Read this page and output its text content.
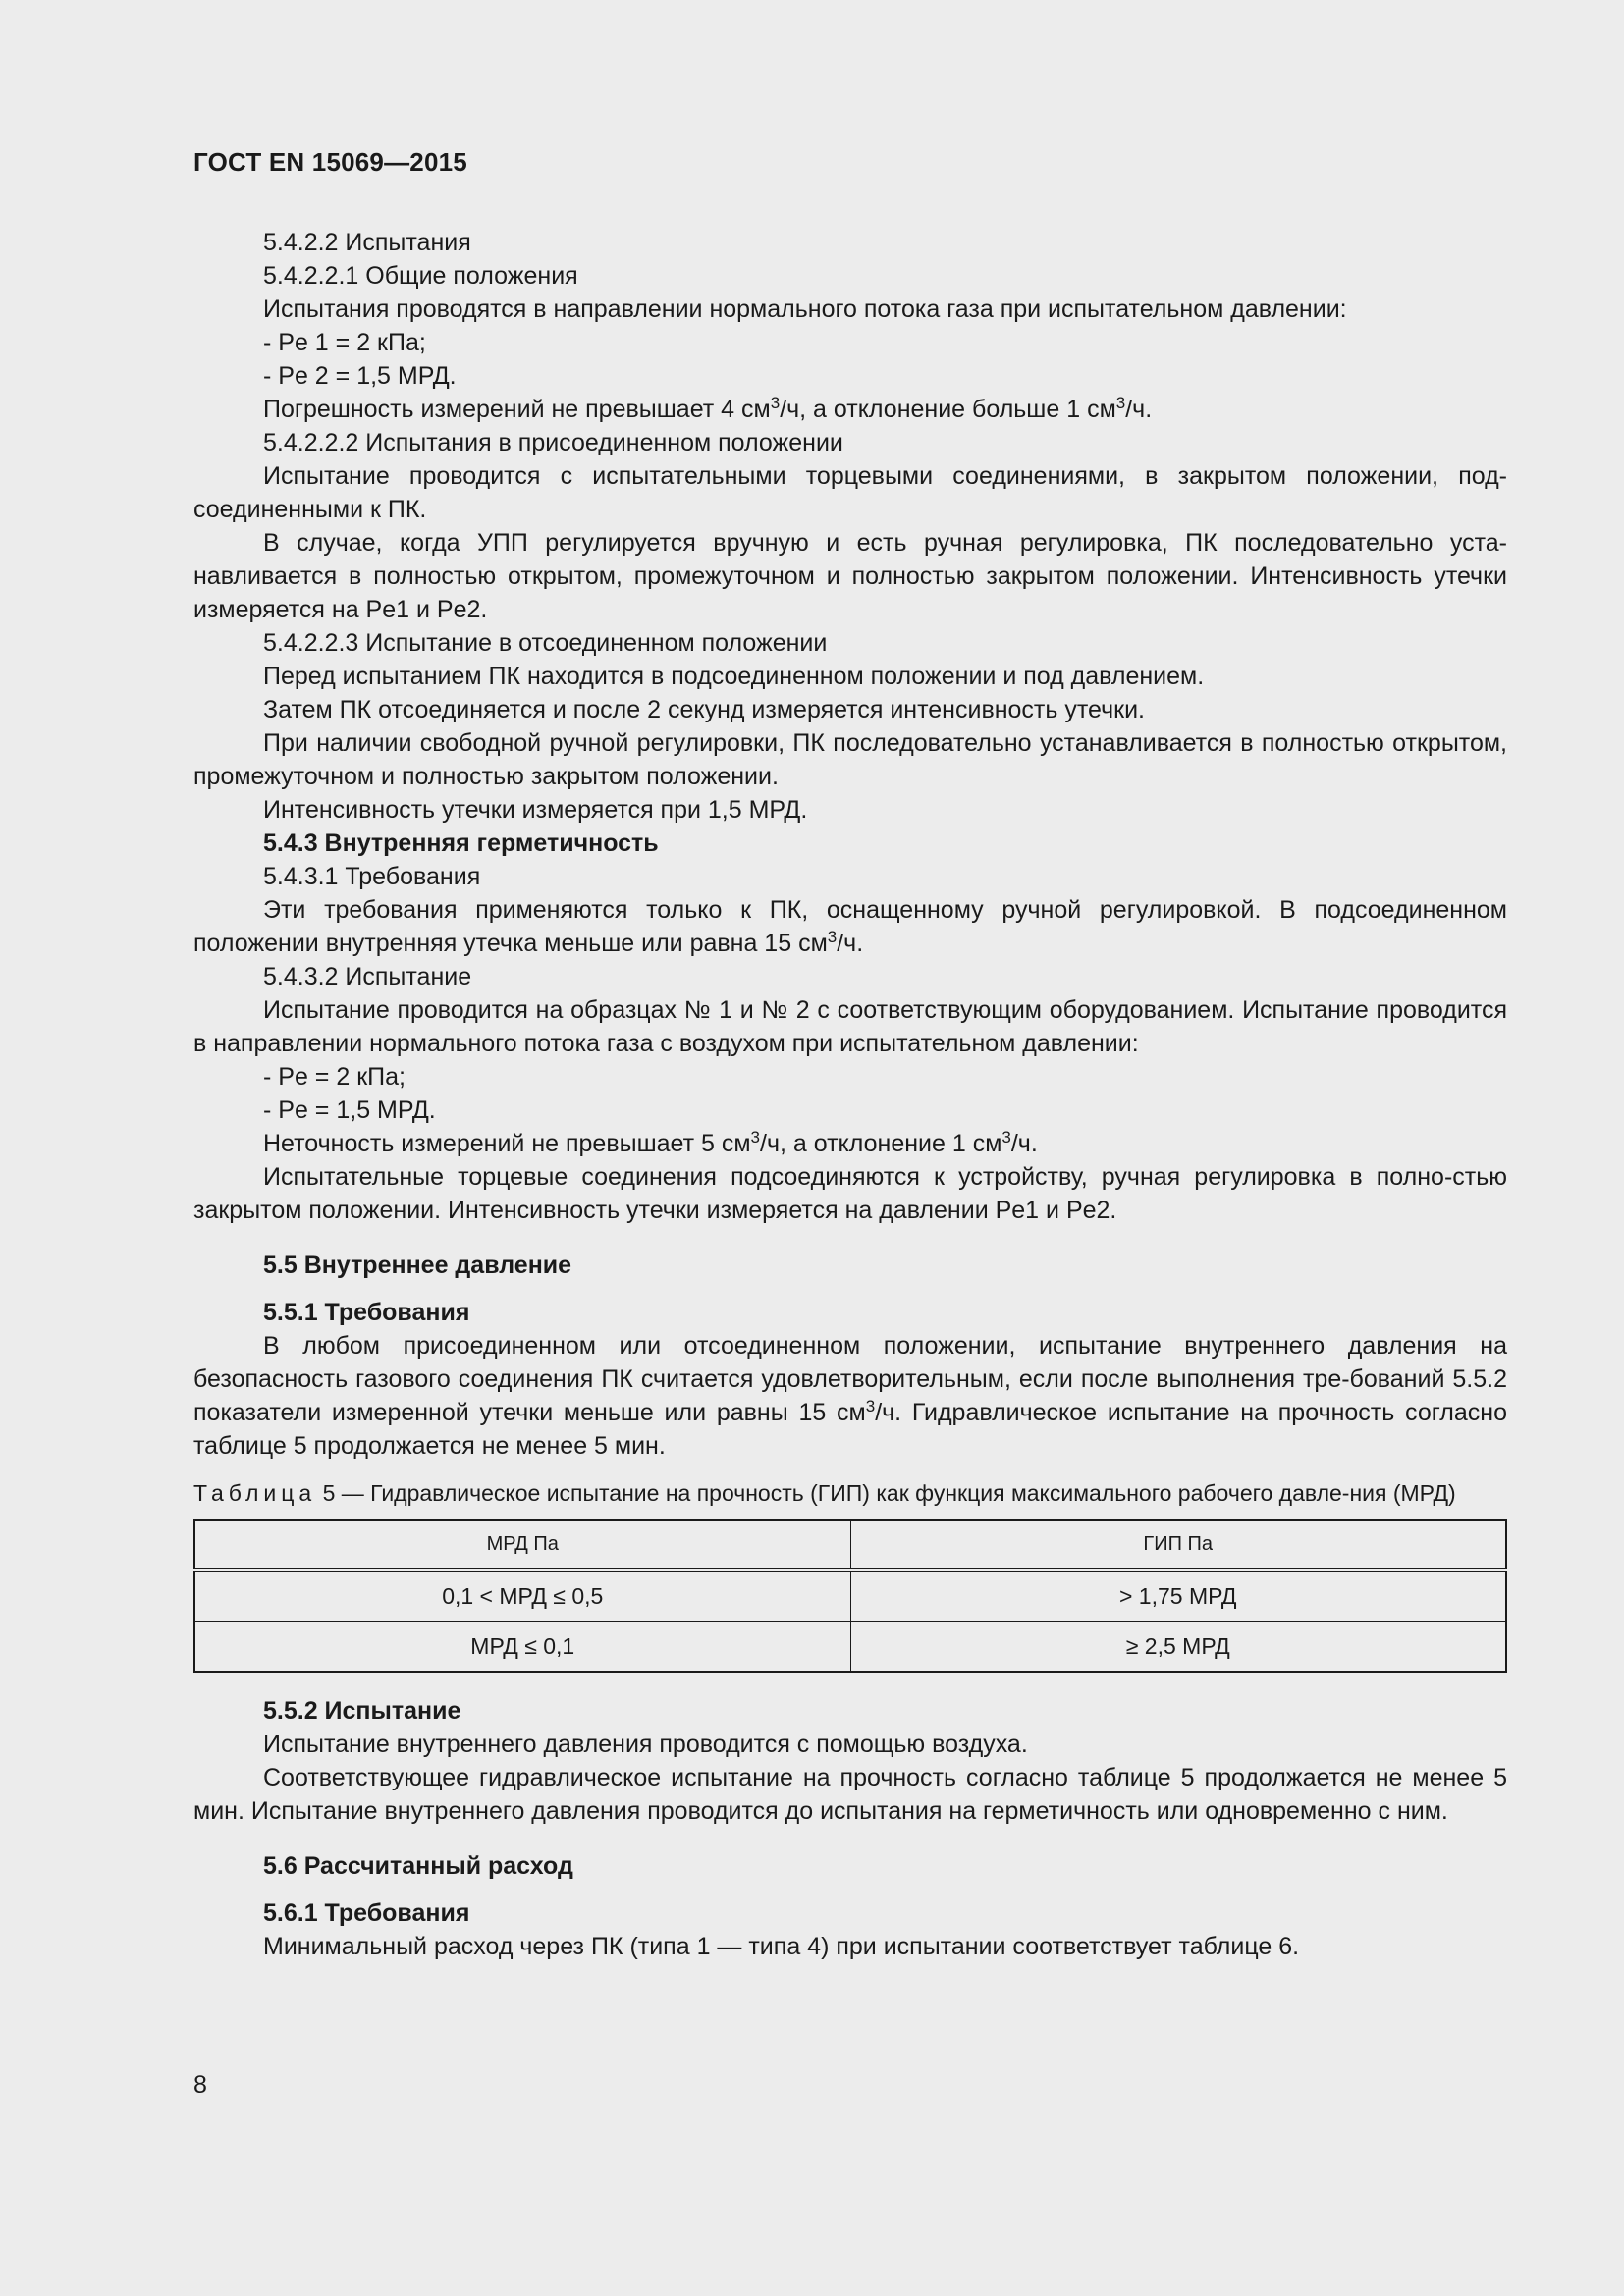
ГОСТ EN 15069—2015

5.4.2.2 Испытания

5.4.2.2.1 Общие положения

Испытания проводятся в направлении нормального потока газа при испытательном давлении:

- Pe 1 = 2 кПа;

- Pe 2 = 1,5 МРД.

Погрешность измерений не превышает 4 $см^3/ч$, а отклонение больше 1 $см^3/ч$.

5.4.2.2.2 Испытания в присоединенном положении

Испытание проводится с испытательными торцевыми соединениями, в закрытом положении, под-соединенными к ПК.

В случае, когда УПП регулируется вручную и есть ручная регулировка, ПК последовательно уста-навливается в полностью открытом, промежуточном и полностью закрытом положении. Интенсивность утечки измеряется на Pe1 и Pe2.

5.4.2.2.3 Испытание в отсоединенном положении

Перед испытанием ПК находится в подсоединенном положении и под давлением.

Затем ПК отсоединяется и после 2 секунд измеряется интенсивность утечки.

При наличии свободной ручной регулировки, ПК последовательно устанавливается в полностью открытом, промежуточном и полностью закрытом положении.

Интенсивность утечки измеряется при 1,5 МРД.

5.4.3 Внутренняя герметичность

5.4.3.1 Требования

Эти требования применяются только к ПК, оснащенному ручной регулировкой. В подсоединенном положении внутренняя утечка меньше или равна 15 $см^3/ч$.

5.4.3.2 Испытание

Испытание проводится на образцах № 1 и № 2 с соответствующим оборудованием. Испытание проводится в направлении нормального потока газа с воздухом при испытательном давлении:

- Pe = 2 кПа;

- Pe = 1,5 МРД.

Неточность измерений не превышает 5 $см^3/ч$, а отклонение 1 $см^3/ч$.

Испытательные торцевые соединения подсоединяются к устройству, ручная регулировка в полно-стью закрытом положении. Интенсивность утечки измеряется на давлении Pe1 и Pe2.

5.5 Внутреннее давление

5.5.1 Требования

В любом присоединенном или отсоединенном положении, испытание внутреннего давления на безопасность газового соединения ПК считается удовлетворительным, если после выполнения тре-бований 5.5.2 показатели измеренной утечки меньше или равны 15 $см^3/ч$. Гидравлическое испытание на прочность согласно таблице 5 продолжается не менее 5 мин.

Таблица 5 — Гидравлическое испытание на прочность (ГИП) как функция максимального рабочего давле-ния (МРД)

МРД Па	ГИП Па
0,1 < МРД ≤ 0,5	> 1,75 МРД
МРД ≤ 0,1	≥ 2,5 МРД

5.5.2 Испытание

Испытание внутреннего давления проводится с помощью воздуха.

Соответствующее гидравлическое испытание на прочность согласно таблице 5 продолжается не менее 5 мин. Испытание внутреннего давления проводится до испытания на герметичность или одновременно с ним.

5.6 Рассчитанный расход

5.6.1 Требования

Минимальный расход через ПК (типа 1 — типа 4) при испытании соответствует таблице 6.

8
